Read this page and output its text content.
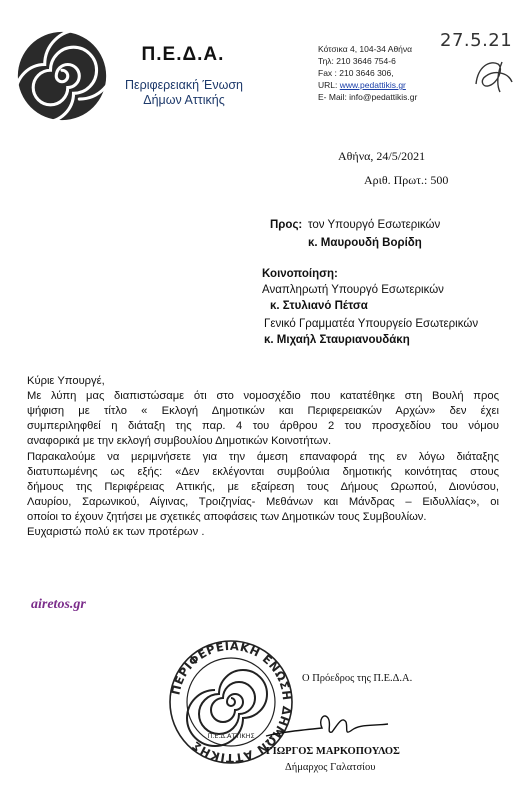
Π.Ε.Δ.Α.
Περιφερειακή Ένωση
Δήμων Αττικής
Κότσικα 4, 104-34 Αθήνα
Τηλ: 210 3646 754-6
Fax : 210 3646 306,
URL: www.pedattikis.gr
E- Mail: info@pedattikis.gr
27.5.21
Αθήνα, 24/5/2021
Αριθ. Πρωτ.: 500
Προς: τον Υπουργό Εσωτερικών
κ. Μαυρουδή Βορίδη
Κοινοποίηση:
Αναπληρωτή Υπουργό Εσωτερικών
κ. Στυλιανό Πέτσα
Γενικό Γραμματέα Υπουργείο Εσωτερικών
κ. Μιχαήλ Σταυριανουδάκη
Κύριε Υπουργέ,
Με λύπη μας διαπιστώσαμε ότι στο νομοσχέδιο που κατατέθηκε στη Βουλή προς
ψήφιση με τίτλο « Εκλογή Δημοτικών και Περιφερειακών Αρχών» δεν έχει
συμπεριληφθεί η διάταξη της παρ. 4 του άρθρου 2 του προσχεδίου του νόμου
αναφορικά με την εκλογή συμβουλίου Δημοτικών Κοινοτήτων.
Παρακαλούμε να μεριμνήσετε για την άμεση επαναφορά της εν λόγω διάταξης
διατυπωμένης ως εξής: «Δεν εκλέγονται συμβούλια δημοτικής κοινότητας στους
δήμους της Περιφέρειας Αττικής, με εξαίρεση τους Δήμους Ωρωπού, Διονύσου,
Λαυρίου, Σαρωνικού, Αίγινας, Τροιζηνίας- Μεθάνων και Μάνδρας – Ειδυλλίας», οι
οποίοι το έχουν ζητήσει με σχετικές αποφάσεις των Δημοτικών τους Συμβουλίων.
Ευχαριστώ πολύ εκ των προτέρων .
airetos.gr
Ο Πρόεδρος της Π.Ε.Δ.Α.
ΠΕΡΙΦΕΡΕΙΑΚΗ ΕΝΩΣΗ ΔΗΜΩΝ ΑΤΤΙΚΗΣ
Π.Ε.Δ.ΑΤΤΙΚΗΣ
ΓΙΩΡΓΟΣ ΜΑΡΚΟΠΟΥΛΟΣ
Δήμαρχος Γαλατσίου
